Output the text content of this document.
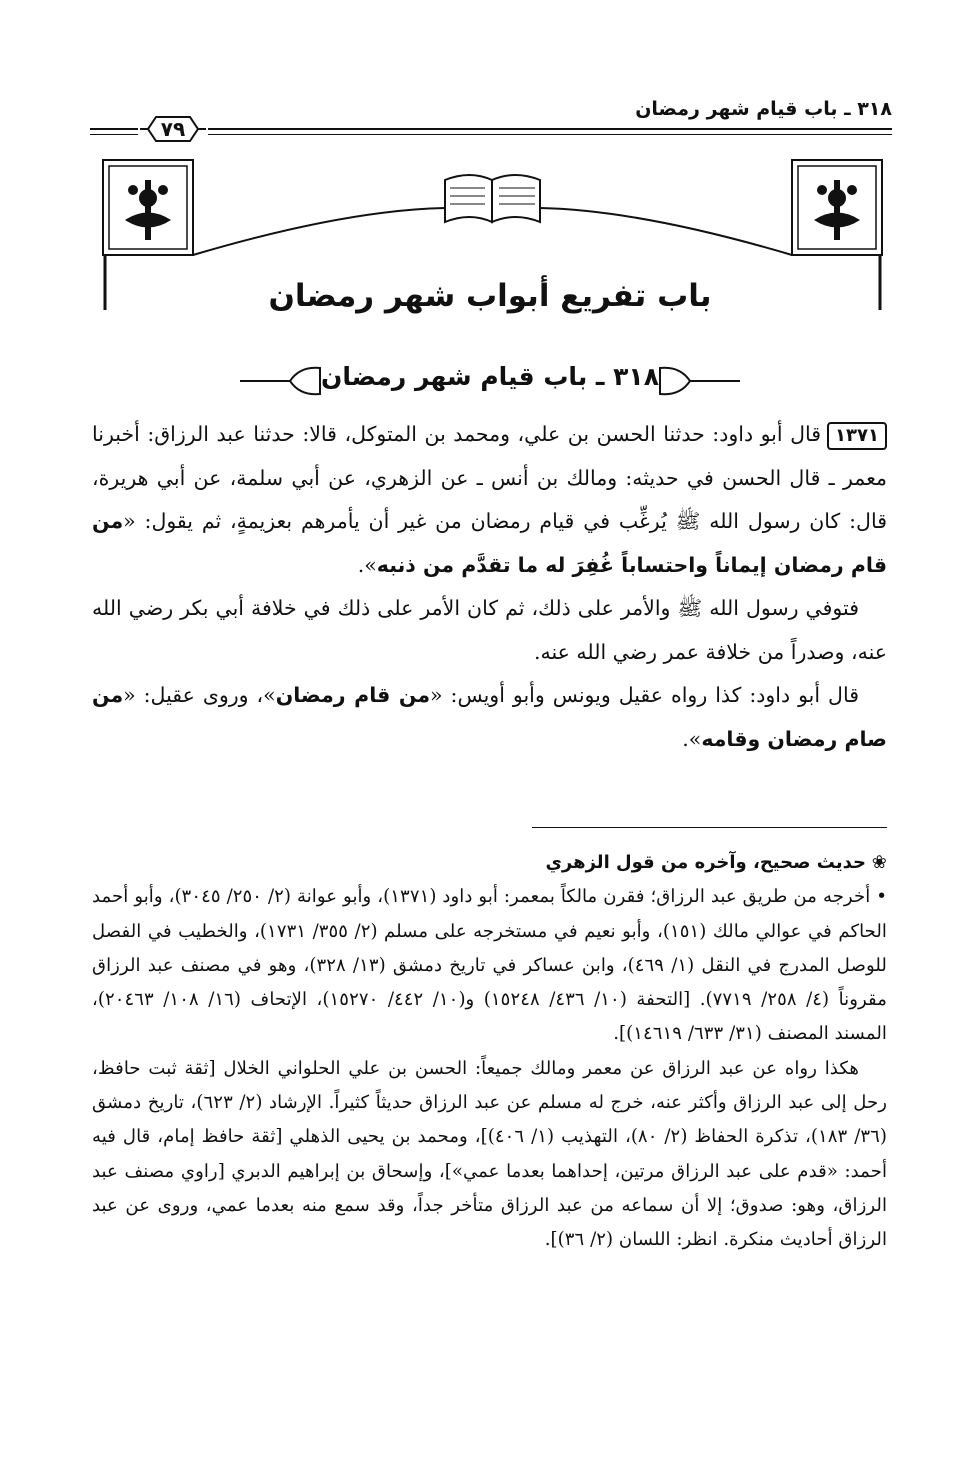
٣١٨ ـ باب قيام شهر رمضان
٧٩
باب تفريع أبواب شهر رمضان
٣١٨ ـ باب قيام شهر رمضان

١٣٧١قال أبو داود: حدثنا الحسن بن علي، ومحمد بن المتوكل، قالا: حدثنا عبد الرزاق: أخبرنا معمر ـ قال الحسن في حديثه: ومالك بن أنس ـ عن الزهري، عن أبي سلمة، عن أبي هريرة، قال: كان رسول الله ﷺ يُرغِّب في قيام رمضان من غير أن يأمرهم بعزيمةٍ، ثم يقول: «من قام رمضان إيماناً واحتساباً غُفِرَ له ما تقدَّم من ذنبه».

فتوفي رسول الله ﷺ والأمر على ذلك، ثم كان الأمر على ذلك في خلافة أبي بكر رضي الله عنه، وصدراً من خلافة عمر رضي الله عنه.

قال أبو داود: كذا رواه عقيل ويونس وأبو أويس: «من قام رمضان»، وروى عقيل: «من صام رمضان وقامه».

❀ حديث صحيح، وآخره من قول الزهري

• أخرجه من طريق عبد الرزاق؛ فقرن مالكاً بمعمر: أبو داود (١٣٧١)، وأبو عوانة (٢/ ٢٥٠/ ٣٠٤٥)، وأبو أحمد الحاكم في عوالي مالك (١٥١)، وأبو نعيم في مستخرجه على مسلم (٢/ ٣٥٥/ ١٧٣١)، والخطيب في الفصل للوصل المدرج في النقل (١/ ٤٦٩)، وابن عساكر في تاريخ دمشق (١٣/ ٣٢٨)، وهو في مصنف عبد الرزاق مقروناً (٤/ ٢٥٨/ ٧٧١٩). [التحفة (١٠/ ٤٣٦/ ١٥٢٤٨) و(١٠/ ٤٤٢/ ١٥٢٧٠)، الإتحاف (١٦/ ١٠٨/ ٢٠٤٦٣)، المسند المصنف (٣١/ ٦٣٣/ ١٤٦١٩)].

هكذا رواه عن عبد الرزاق عن معمر ومالك جميعاً: الحسن بن علي الحلواني الخلال [ثقة ثبت حافظ، رحل إلى عبد الرزاق وأكثر عنه، خرج له مسلم عن عبد الرزاق حديثاً كثيراً. الإرشاد (٢/ ٦٢٣)، تاريخ دمشق (٣٦/ ١٨٣)، تذكرة الحفاظ (٢/ ٨٠)، التهذيب (١/ ٤٠٦)]، ومحمد بن يحيى الذهلي [ثقة حافظ إمام، قال فيه أحمد: «قدم على عبد الرزاق مرتين، إحداهما بعدما عمي»]، وإسحاق بن إبراهيم الدبري [راوي مصنف عبد الرزاق، وهو: صدوق؛ إلا أن سماعه من عبد الرزاق متأخر جداً، وقد سمع منه بعدما عمي، وروى عن عبد الرزاق أحاديث منكرة. انظر: اللسان (٢/ ٣٦)].
